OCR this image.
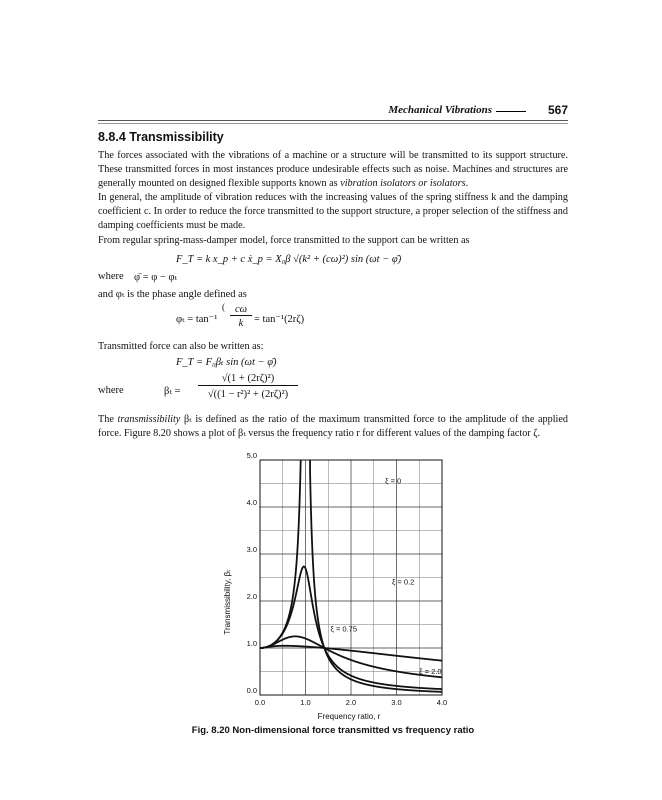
Mechanical Vibrations	567
8.8.4 Transmissibility
The forces associated with the vibrations of a machine or a structure will be transmitted to its support structure. These transmitted forces in most instances produce undesirable effects such as noise. Machines and structures are generally mounted on designed flexible supports known as vibration isolators or isolators.
In general, the amplitude of vibration reduces with the increasing values of the spring stiffness k and the damping coefficient c. In order to reduce the force transmitted to the support structure, a proper selection of the stiffness and damping coefficients must be made.
From regular spring-mass-damper model, force transmitted to the support can be written as
F_T = k x_p + c ẋ_p = X₀β √(k² + (cω)²) sin (ωt − φ̄)
where φ̄ = φ − φₜ
and φₜ is the phase angle defined as
φₜ = tan⁻¹
( cω
k	= tan⁻¹(2rζ)
Transmitted force can also be written as:
F_T = F₀βₜ sin (ωt − φ̄)
where	βₜ =
√(1 + (2rζ)²)
√((1 − r²)² + (2rζ)²)
The transmissibility βₜ is defined as the ratio of the maximum transmitted force to the amplitude of the applied force. Figure 8.20 shows a plot of βₜ versus the frequency ratio r for different values of the damping factor ζ.
0.0	1.0	2.0	3.0	4.0
0.0
1.0
2.0
3.0
4.0
5.0
ξ = 0
ξ = 0.2
ξ = 0.75
ξ = 2.0
Frequency ratio, r
Transmissibility, βₜ
Fig. 8.20 Non-dimensional force transmitted vs frequency ratio
